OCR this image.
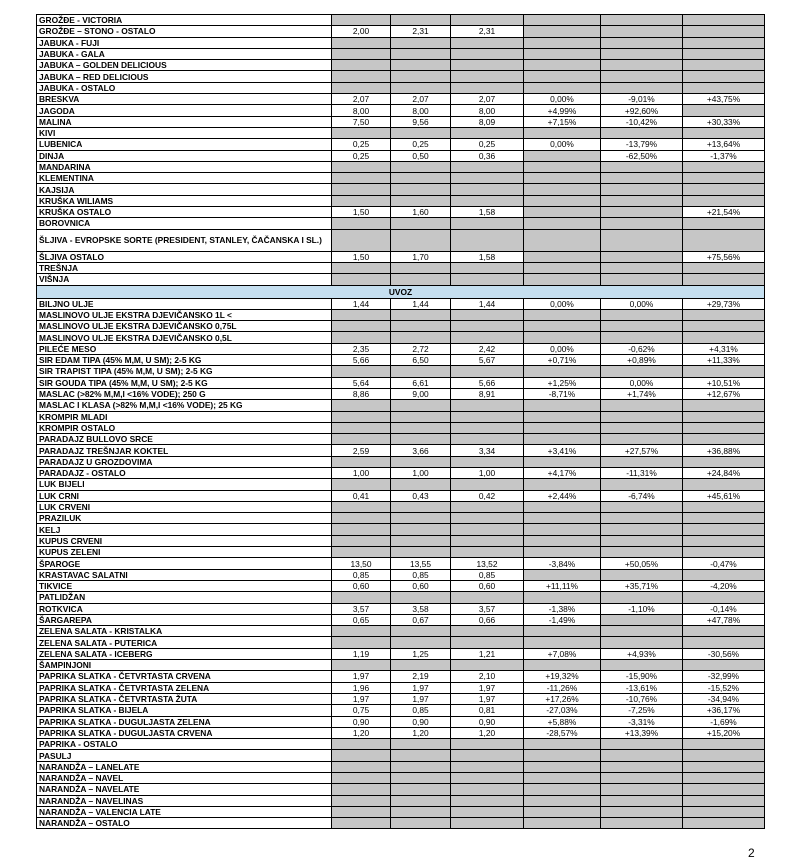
GROŽĐE - VICTORIA						
GROŽĐE – STONO - OSTALO	2,00	2,31	2,31			
JABUKA - FUJI						
JABUKA - GALA						
JABUKA – GOLDEN DELICIOUS						
JABUKA – RED DELICIOUS						
JABUKA - OSTALO						
BRESKVA	2,07	2,07	2,07	0,00%	-9,01%	+43,75%
JAGODA	8,00	8,00	8,00	+4,99%	+92,60%	
MALINA	7,50	9,56	8,09	+7,15%	-10,42%	+30,33%
KIVI						
LUBENICA	0,25	0,25	0,25	0,00%	-13,79%	+13,64%
DINJA	0,25	0,50	0,36		-62,50%	-1,37%
MANDARINA						
KLEMENTINA						
KAJSIJA						
KRUŠKA WILIAMS						
KRUŠKA OSTALO	1,50	1,60	1,58			+21,54%
BOROVNICA						
ŠLJIVA - EVROPSKE SORTE (PRESIDENT, STANLEY, ČAČANSKA I SL.)						
ŠLJIVA OSTALO	1,50	1,70	1,58			+75,56%
TREŠNJA						
VIŠNJA						
UVOZ						
BILJNO ULJE	1,44	1,44	1,44	0,00%	0,00%	+29,73%
MASLINOVO ULJE EKSTRA DJEVIČANSKO 1L <						
MASLINOVO ULJE EKSTRA DJEVIČANSKO 0,75L						
MASLINOVO ULJE EKSTRA DJEVIČANSKO 0,5L						
PILEĆE MESO	2,35	2,72	2,42	0,00%	-0,62%	+4,31%
SIR EDAM TIPA (45% M,M, U SM); 2-5 KG	5,66	6,50	5,67	+0,71%	+0,89%	+11,33%
SIR TRAPIST TIPA (45% M,M, U SM); 2-5 KG						
SIR GOUDA TIPA (45% M,M, U SM); 2-5 KG	5,64	6,61	5,66	+1,25%	0,00%	+10,51%
MASLAC (>82% M,M,I <16% VODE); 250 G	8,86	9,00	8,91	-8,71%	+1,74%	+12,67%
MASLAC I KLASA (>82% M,M,I <16% VODE); 25 KG						
KROMPIR MLADI						
KROMPIR OSTALO						
PARADAJZ BULLOVO SRCE						
PARADAJZ TREŠNJAR KOKTEL	2,59	3,66	3,34	+3,41%	+27,57%	+36,88%
PARADAJZ U GROZDOVIMA						
PARADAJZ - OSTALO	1,00	1,00	1,00	+4,17%	-11,31%	+24,84%
LUK BIJELI						
LUK CRNI	0,41	0,43	0,42	+2,44%	-6,74%	+45,61%
LUK CRVENI						
PRAZILUK						
KELJ						
KUPUS CRVENI						
KUPUS ZELENI						
ŠPAROGE	13,50	13,55	13,52	-3,84%	+50,05%	-0,47%
KRASTAVAC SALATNI	0,85	0,85	0,85			
TIKVICE	0,60	0,60	0,60	+11,11%	+35,71%	-4,20%
PATLIDŽAN						
ROTKVICA	3,57	3,58	3,57	-1,38%	-1,10%	-0,14%
ŠARGAREPA	0,65	0,67	0,66	-1,49%		+47,78%
ZELENA SALATA - KRISTALKA						
ZELENA SALATA - PUTERICA						
ZELENA SALATA - ICEBERG	1,19	1,25	1,21	+7,08%	+4,93%	-30,56%
ŠAMPINJONI						
PAPRIKA SLATKA - ČETVRTASTA CRVENA	1,97	2,19	2,10	+19,32%	-15,90%	-32,99%
PAPRIKA SLATKA - ČETVRTASTA ZELENA	1,96	1,97	1,97	-11,26%	-13,61%	-15,52%
PAPRIKA SLATKA - ČETVRTASTA ŽUTA	1,97	1,97	1,97	+17,26%	-10,76%	-34,94%
PAPRIKA SLATKA - BIJELA	0,75	0,85	0,81	-27,03%	-7,25%	+36,17%
PAPRIKA SLATKA - DUGULJASTA ZELENA	0,90	0,90	0,90	+5,88%	-3,31%	-1,69%
PAPRIKA SLATKA - DUGULJASTA CRVENA	1,20	1,20	1,20	-28,57%	+13,39%	+15,20%
PAPRIKA - OSTALO						
PASULJ						
NARANDŽA – LANELATE						
NARANDŽA – NAVEL						
NARANDŽA – NAVELATE						
NARANDŽA – NAVELINAS						
NARANDŽA – VALENCIA LATE						
NARANDŽA – OSTALO						
2
